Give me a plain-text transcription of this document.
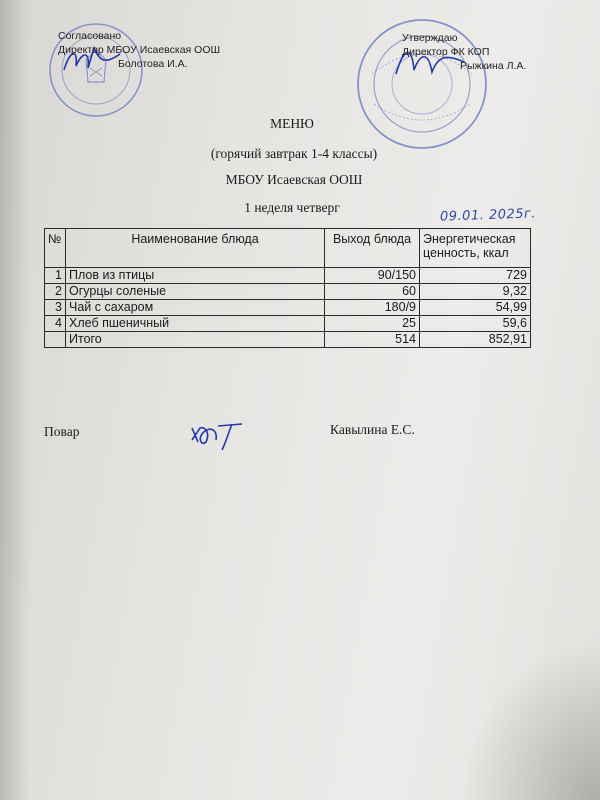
Согласовано
Директор МБОУ Исаевская ООШ
Болотова И.А.
Утверждаю
Директор ФК КОП
Рыжкина Л.А.
МЕНЮ
(горячий завтрак 1-4 классы)
МБОУ Исаевская ООШ
1 неделя четверг	09.01. 2025г.
№	Наименование блюда	Выход блюда	Энергетическая ценность, ккал
1	Плов из птицы	90/150	729
2	Огурцы соленые	60	9,32
3	Чай с сахаром	180/9	54,99
4	Хлеб пшеничный	25	59,6
	Итого	514	852,91
Повар	Кавылина Е.С.
